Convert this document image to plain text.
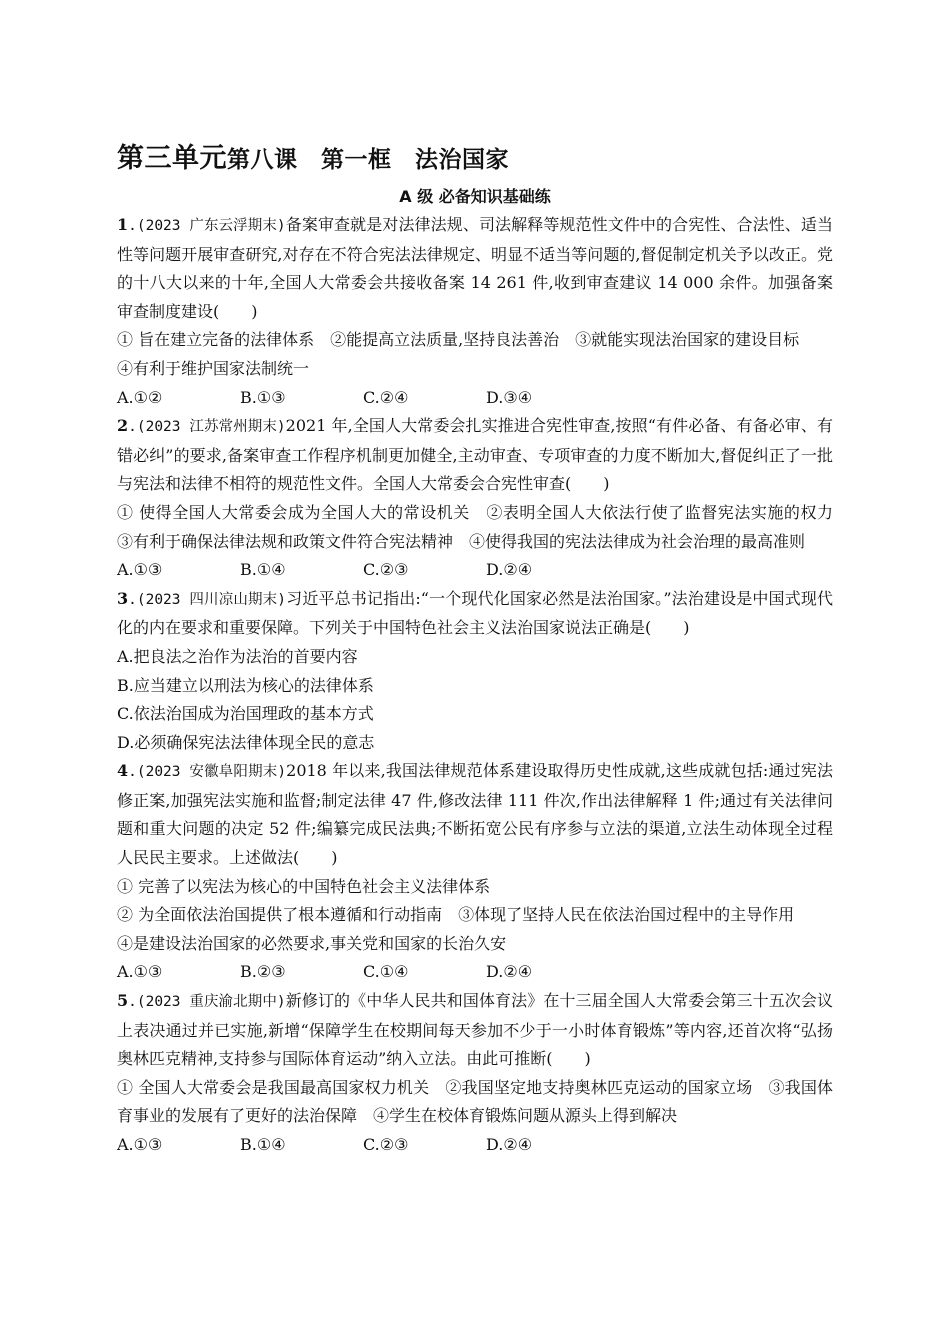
第三单元第八课　第一框　法治国家
A 级 必备知识基础练
1.(2023 广东云浮期末)备案审查就是对法律法规、司法解释等规范性文件中的合宪性、合法性、适当性等问题开展审查研究,对存在不符合宪法法律规定、明显不适当等问题的,督促制定机关予以改正。党的十八大以来的十年,全国人大常委会共接收备案 14 261 件,收到审查建议 14 000 余件。加强备案审查制度建设(　　)
① 旨在建立完备的法律体系　②能提高立法质量,坚持良法善治　③就能实现法治国家的建设目标
④有利于维护国家法制统一
A.①②	B.①③	C.②④	D.③④
2.(2023 江苏常州期末)2021 年,全国人大常委会扎实推进合宪性审查,按照“有件必备、有备必审、有错必纠”的要求,备案审查工作程序机制更加健全,主动审查、专项审查的力度不断加大,督促纠正了一批与宪法和法律不相符的规范性文件。全国人大常委会合宪性审查(　　)
① 使得全国人大常委会成为全国人大的常设机关　②表明全国人大依法行使了监督宪法实施的权力　③有利于确保法律法规和政策文件符合宪法精神　④使得我国的宪法法律成为社会治理的最高准则
A.①③	B.①④	C.②③	D.②④
3.(2023 四川凉山期末)习近平总书记指出:“一个现代化国家必然是法治国家。”法治建设是中国式现代化的内在要求和重要保障。下列关于中国特色社会主义法治国家说法正确是(　　)
A.把良法之治作为法治的首要内容
B.应当建立以刑法为核心的法律体系
C.依法治国成为治国理政的基本方式
D.必须确保宪法法律体现全民的意志
4.(2023 安徽阜阳期末)2018 年以来,我国法律规范体系建设取得历史性成就,这些成就包括:通过宪法修正案,加强宪法实施和监督;制定法律 47 件,修改法律 111 件次,作出法律解释 1 件;通过有关法律问题和重大问题的决定 52 件;编纂完成民法典;不断拓宽公民有序参与立法的渠道,立法生动体现全过程人民民主要求。上述做法(　　)
① 完善了以宪法为核心的中国特色社会主义法律体系
② 为全面依法治国提供了根本遵循和行动指南　③体现了坚持人民在依法治国过程中的主导作用
④是建设法治国家的必然要求,事关党和国家的长治久安
A.①③	B.②③	C.①④	D.②④
5.(2023 重庆渝北期中)新修订的《中华人民共和国体育法》在十三届全国人大常委会第三十五次会议上表决通过并已实施,新增“保障学生在校期间每天参加不少于一小时体育锻炼”等内容,还首次将“弘扬奥林匹克精神,支持参与国际体育运动”纳入立法。由此可推断(　　)
① 全国人大常委会是我国最高国家权力机关　②我国坚定地支持奥林匹克运动的国家立场　③我国体育事业的发展有了更好的法治保障　④学生在校体育锻炼问题从源头上得到解决
A.①③	B.①④	C.②③	D.②④
